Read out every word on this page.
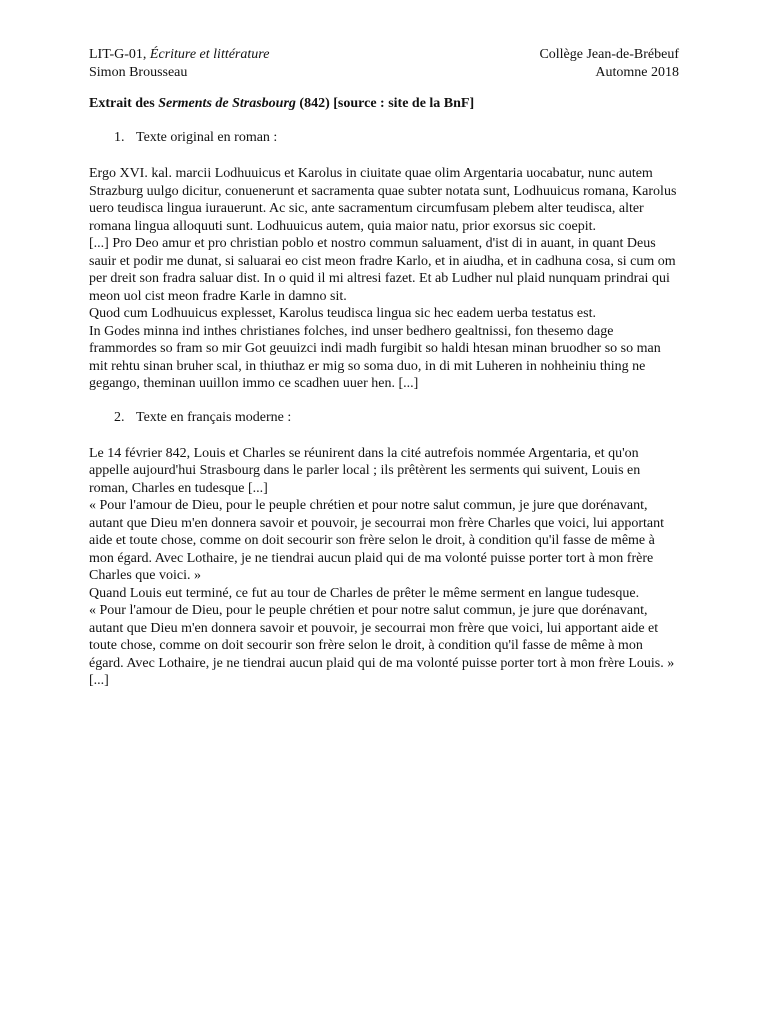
LIT-G-01, Écriture et littérature	Collège Jean-de-Brébeuf
Simon Brousseau	Automne 2018
Extrait des Serments de Strasbourg (842) [source : site de la BnF]
1. Texte original en roman :

Ergo XVI. kal. marcii Lodhuuicus et Karolus in ciuitate quae olim Argentaria uocabatur, nunc autem Strazburg uulgo dicitur, conuenerunt et sacramenta quae subter notata sunt, Lodhuuicus romana, Karolus uero teudisca lingua iurauerunt. Ac sic, ante sacramentum circumfusam plebem alter teudisca, alter romana lingua alloquuti sunt. Lodhuuicus autem, quia maior natu, prior exorsus sic coepit.

[...] Pro Deo amur et pro christian poblo et nostro commun saluament, d'ist di in auant, in quant Deus sauir et podir me dunat, si saluarai eo cist meon fradre Karlo, et in aiudha, et in cadhuna cosa, si cum om per dreit son fradra saluar dist. In o quid il mi altresi fazet. Et ab Ludher nul plaid nunquam prindrai qui meon uol cist meon fradre Karle in damno sit.

Quod cum Lodhuuicus explesset, Karolus teudisca lingua sic hec eadem uerba testatus est.

In Godes minna ind inthes christianes folches, ind unser bedhero gealtnissi, fon thesemo dage frammordes so fram so mir Got geuuizci indi madh furgibit so haldi htesan minan bruodher so so man mit rehtu sinan bruher scal, in thiuthaz er mig so soma duo, in di mit Luheren in nohheiniu thing ne gegango, theminan uuillon immo ce scadhen uuer hen. [...]

2. Texte en français moderne :

Le 14 février 842, Louis et Charles se réunirent dans la cité autrefois nommée Argentaria, et qu'on appelle aujourd'hui Strasbourg dans le parler local ; ils prêtèrent les serments qui suivent, Louis en roman, Charles en tudesque [...]

« Pour l'amour de Dieu, pour le peuple chrétien et pour notre salut commun, je jure que dorénavant, autant que Dieu m'en donnera savoir et pouvoir, je secourrai mon frère Charles que voici, lui apportant aide et toute chose, comme on doit secourir son frère selon le droit, à condition qu'il fasse de même à mon égard. Avec Lothaire, je ne tiendrai aucun plaid qui de ma volonté puisse porter tort à mon frère Charles que voici. »

Quand Louis eut terminé, ce fut au tour de Charles de prêter le même serment en langue tudesque.

« Pour l'amour de Dieu, pour le peuple chrétien et pour notre salut commun, je jure que dorénavant, autant que Dieu m'en donnera savoir et pouvoir, je secourrai mon frère que voici, lui apportant aide et toute chose, comme on doit secourir son frère selon le droit, à condition qu'il fasse de même à mon égard. Avec Lothaire, je ne tiendrai aucun plaid qui de ma volonté puisse porter tort à mon frère Louis. » [...]
